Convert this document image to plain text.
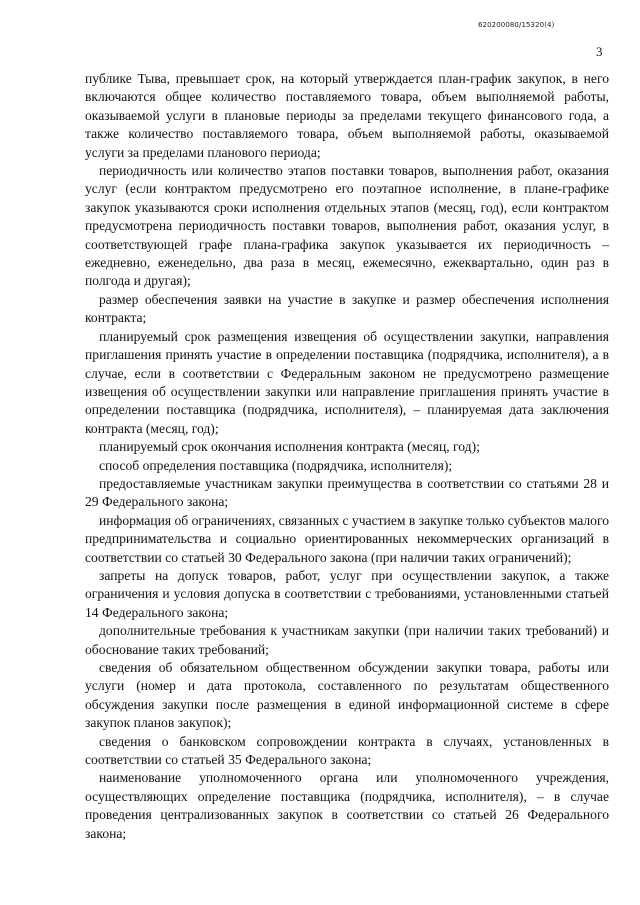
620200080/15320(4)
3

публике Тыва, превышает срок, на который утверждается план-график закупок, в него включаются общее количество поставляемого товара, объем выполняемой работы, оказываемой услуги в плановые периоды за пределами текущего финансового года, а также количество поставляемого товара, объем выполняемой работы, оказываемой услуги за пределами планового периода;

периодичность или количество этапов поставки товаров, выполнения работ, оказания услуг (если контрактом предусмотрено его поэтапное исполнение, в плане-графике закупок указываются сроки исполнения отдельных этапов (месяц, год), если контрактом предусмотрена периодичность поставки товаров, выполнения работ, оказания услуг, в соответствующей графе плана-графика закупок указывается их периодичность – ежедневно, еженедельно, два раза в месяц, ежемесячно, ежеквартально, один раз в полгода и другая);

размер обеспечения заявки на участие в закупке и размер обеспечения исполнения контракта;

планируемый срок размещения извещения об осуществлении закупки, направления приглашения принять участие в определении поставщика (подрядчика, исполнителя), а в случае, если в соответствии с Федеральным законом не предусмотрено размещение извещения об осуществлении закупки или направление приглашения принять участие в определении поставщика (подрядчика, исполнителя), – планируемая дата заключения контракта (месяц, год);

планируемый срок окончания исполнения контракта (месяц, год);

способ определения поставщика (подрядчика, исполнителя);

предоставляемые участникам закупки преимущества в соответствии со статьями 28 и 29 Федерального закона;

информация об ограничениях, связанных с участием в закупке только субъектов малого предпринимательства и социально ориентированных некоммерческих организаций в соответствии со статьей 30 Федерального закона (при наличии таких ограничений);

запреты на допуск товаров, работ, услуг при осуществлении закупок, а также ограничения и условия допуска в соответствии с требованиями, установленными статьей 14 Федерального закона;

дополнительные требования к участникам закупки (при наличии таких требований) и обоснование таких требований;

сведения об обязательном общественном обсуждении закупки товара, работы или услуги (номер и дата протокола, составленного по результатам общественного обсуждения закупки после размещения в единой информационной системе в сфере закупок планов закупок);

сведения о банковском сопровождении контракта в случаях, установленных в соответствии со статьей 35 Федерального закона;

наименование уполномоченного органа или уполномоченного учреждения, осуществляющих определение поставщика (подрядчика, исполнителя), – в случае проведения централизованных закупок в соответствии со статьей 26 Федерального закона;
